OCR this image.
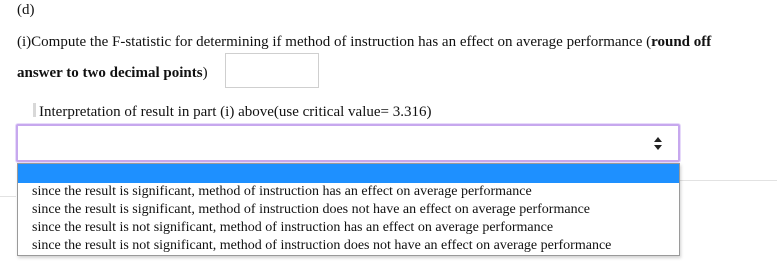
(d)
(i)Compute the F-statistic for determining if method of instruction has an effect on average performance (round off
answer to two decimal points)
Interpretation of result in part (i) above(use critical value= 3.316)
since the result is significant, method of instruction has an effect on average performance
since the result is significant, method of instruction does not have an effect on average performance
since the result is not significant, method of instruction has an effect on average performance
since the result is not significant, method of instruction does not have an effect on average performance
